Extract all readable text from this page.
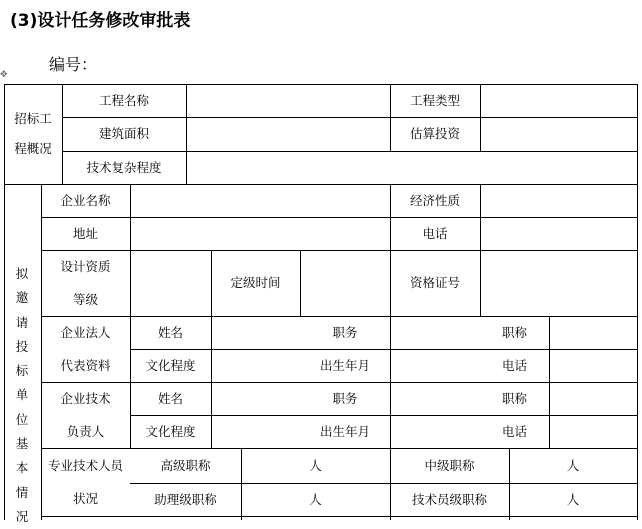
(3)设计任务修改审批表
编号：
✥
招标工
程概况
工程名称	工程类型
建筑面积	估算投资
技术复杂程度
拟邀请投标单位基本情况
企业名称	经济性质
地址	电话
设计资质
等级
定级时间	资格证号
企业法人
代表资料
姓名	职务	职称
文化程度	出生年月	电话
企业技术
负责人
姓名	职务	职称
文化程度	出生年月	电话
专业技术人员
状况
高级职称	人	中级职称	人
助理级职称	人	技术员级职称	人
